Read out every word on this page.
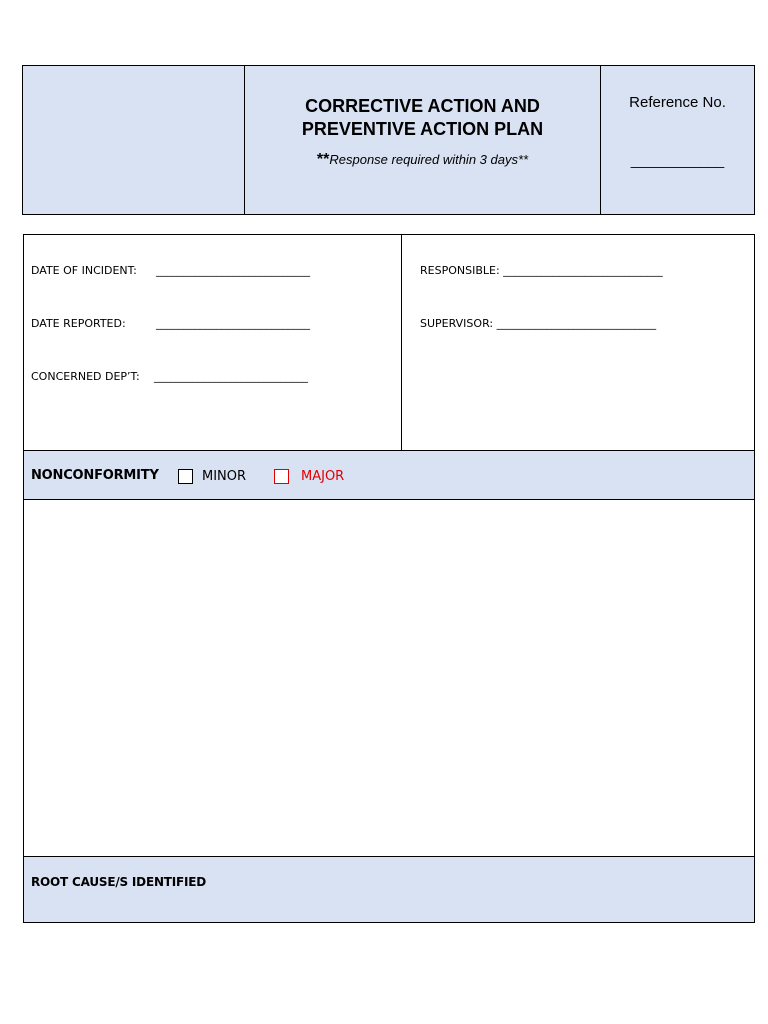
CORRECTIVE ACTION AND
PREVENTIVE ACTION PLAN
**Response required within 3 days**
Reference No.
____________
DATE OF INCIDENT: ____________________________
DATE REPORTED:	____________________________
CONCERNED DEP’T: ____________________________
RESPONSIBLE: _____________________________
SUPERVISOR: _____________________________
NONCONFORMITY	MINOR	MAJOR
ROOT CAUSE/S IDENTIFIED
